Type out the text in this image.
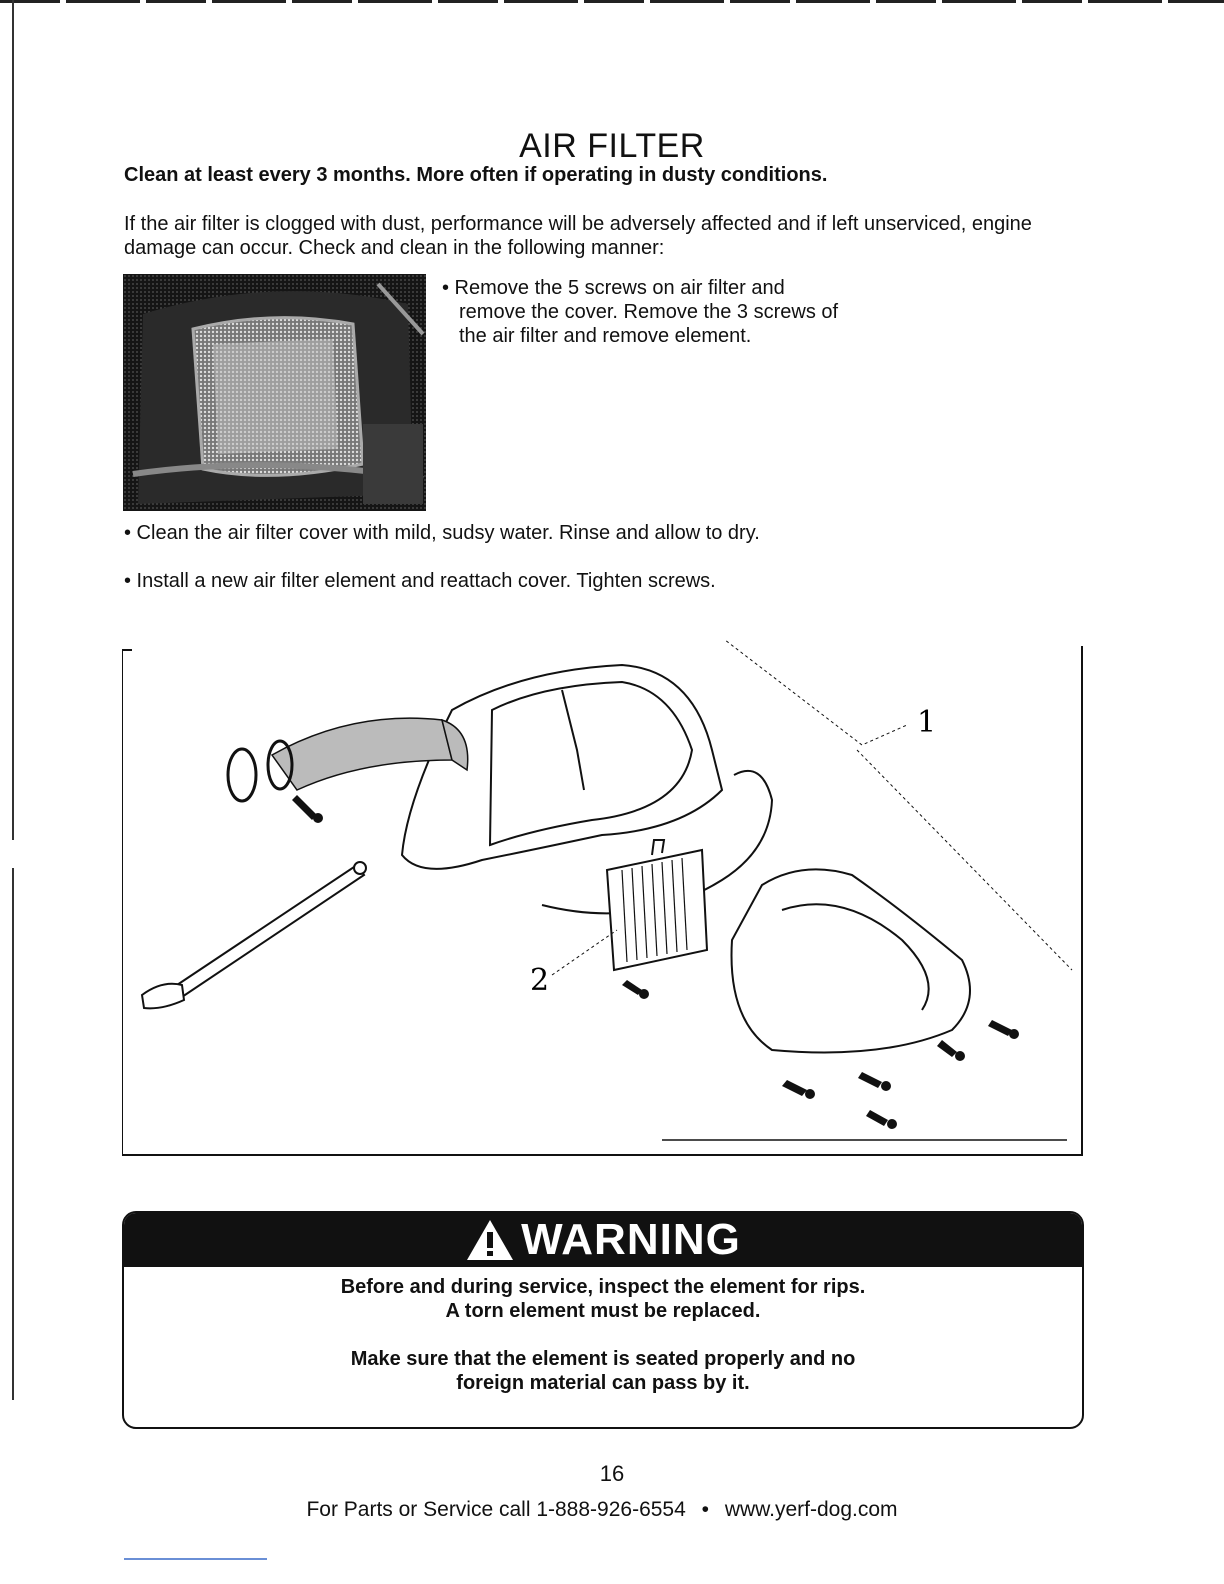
AIR FILTER
Clean at least every 3 months. More often if operating in dusty conditions.
If the air filter is clogged with dust, performance will be adversely affected and if left unserviced, engine damage can occur. Check and clean in the following manner:
• Remove the 5 screws on air filter and remove the cover. Remove the 3 screws of the air filter and remove element.
• Clean the air filter cover with mild, sudsy water. Rinse and allow to dry.
• Install a new air filter element and reattach cover. Tighten screws.
1
2
WARNING

Before and during service, inspect the element for rips.
A torn element must be replaced.

Make sure that the element is seated properly and no
foreign material can pass by it.

16
For Parts or Service call 1-888-926-6554 • www.yerf-dog.com
